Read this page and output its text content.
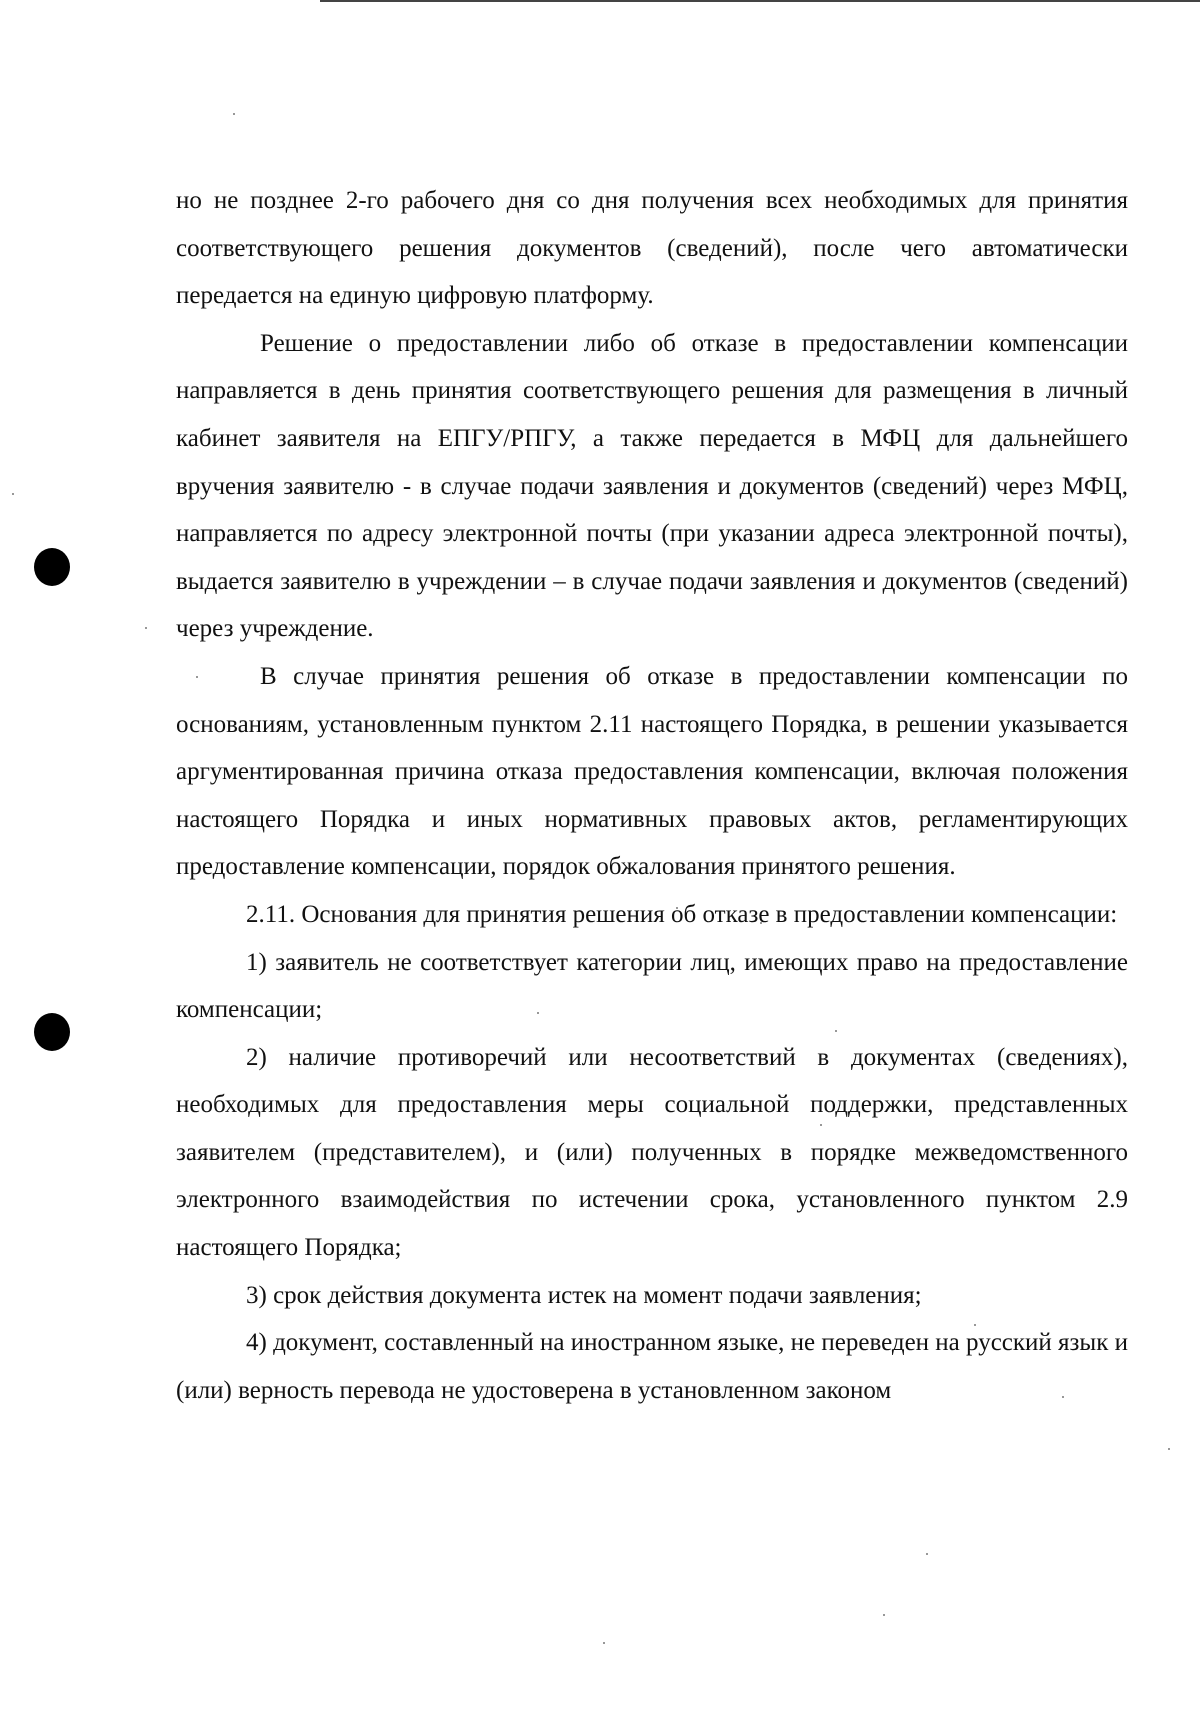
но не позднее 2-го рабочего дня со дня получения всех необходимых для принятия соответствующего решения документов (сведений), после чего автоматически передается на единую цифровую платформу.

Решение о предоставлении либо об отказе в предоставлении компенсации направляется в день принятия соответствующего решения для размещения в личный кабинет заявителя на ЕПГУ/РПГУ, а также передается в МФЦ для дальнейшего вручения заявителю - в случае подачи заявления и документов (сведений) через МФЦ, направляется по адресу электронной почты (при указании адреса электронной почты), выдается заявителю в учреждении – в случае подачи заявления и документов (сведений) через учреждение.

В случае принятия решения об отказе в предоставлении компенсации по основаниям, установленным пунктом 2.11 настоящего Порядка, в решении указывается аргументированная причина отказа предоставления компенсации, включая положения настоящего Порядка и иных нормативных правовых актов, регламентирующих предоставление компенсации, порядок обжалования принятого решения.

2.11. Основания для принятия решения об отказе в предоставлении компенсации:

1) заявитель не соответствует категории лиц, имеющих право на предоставление компенсации;

2) наличие противоречий или несоответствий в документах (сведениях), необходимых для предоставления меры социальной поддержки, представленных заявителем (представителем), и (или) полученных в порядке межведомственного электронного взаимодействия по истечении срока, установленного пунктом 2.9 настоящего Порядка;

3) срок действия документа истек на момент подачи заявления;

4) документ, составленный на иностранном языке, не переведен на русский язык и (или) верность перевода не удостоверена в установленном законом
